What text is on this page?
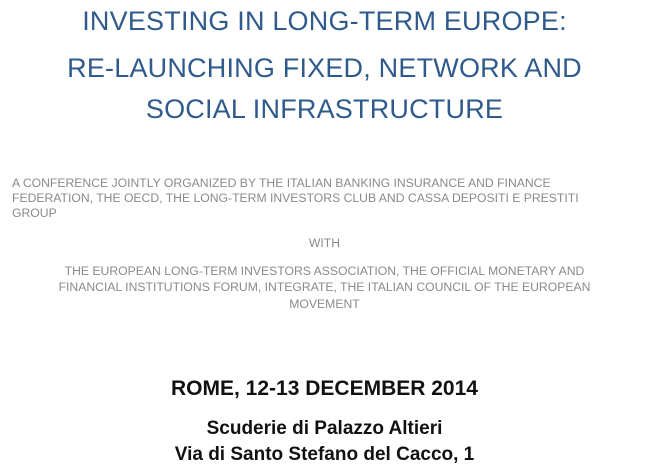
INVESTING IN LONG-TERM EUROPE:
RE-LAUNCHING FIXED, NETWORK AND
SOCIAL INFRASTRUCTURE
A CONFERENCE JOINTLY ORGANIZED BY THE ITALIAN BANKING INSURANCE AND FINANCE
FEDERATION, THE OECD, THE LONG-TERM INVESTORS CLUB AND CASSA DEPOSITI E PRESTITI
GROUP
WITH
THE EUROPEAN LONG-TERM INVESTORS ASSOCIATION, THE OFFICIAL MONETARY AND
FINANCIAL INSTITUTIONS FORUM, INTEGRATE, THE ITALIAN COUNCIL OF THE EUROPEAN
MOVEMENT
ROME, 12-13 DECEMBER 2014
Scuderie di Palazzo Altieri
Via di Santo Stefano del Cacco, 1
